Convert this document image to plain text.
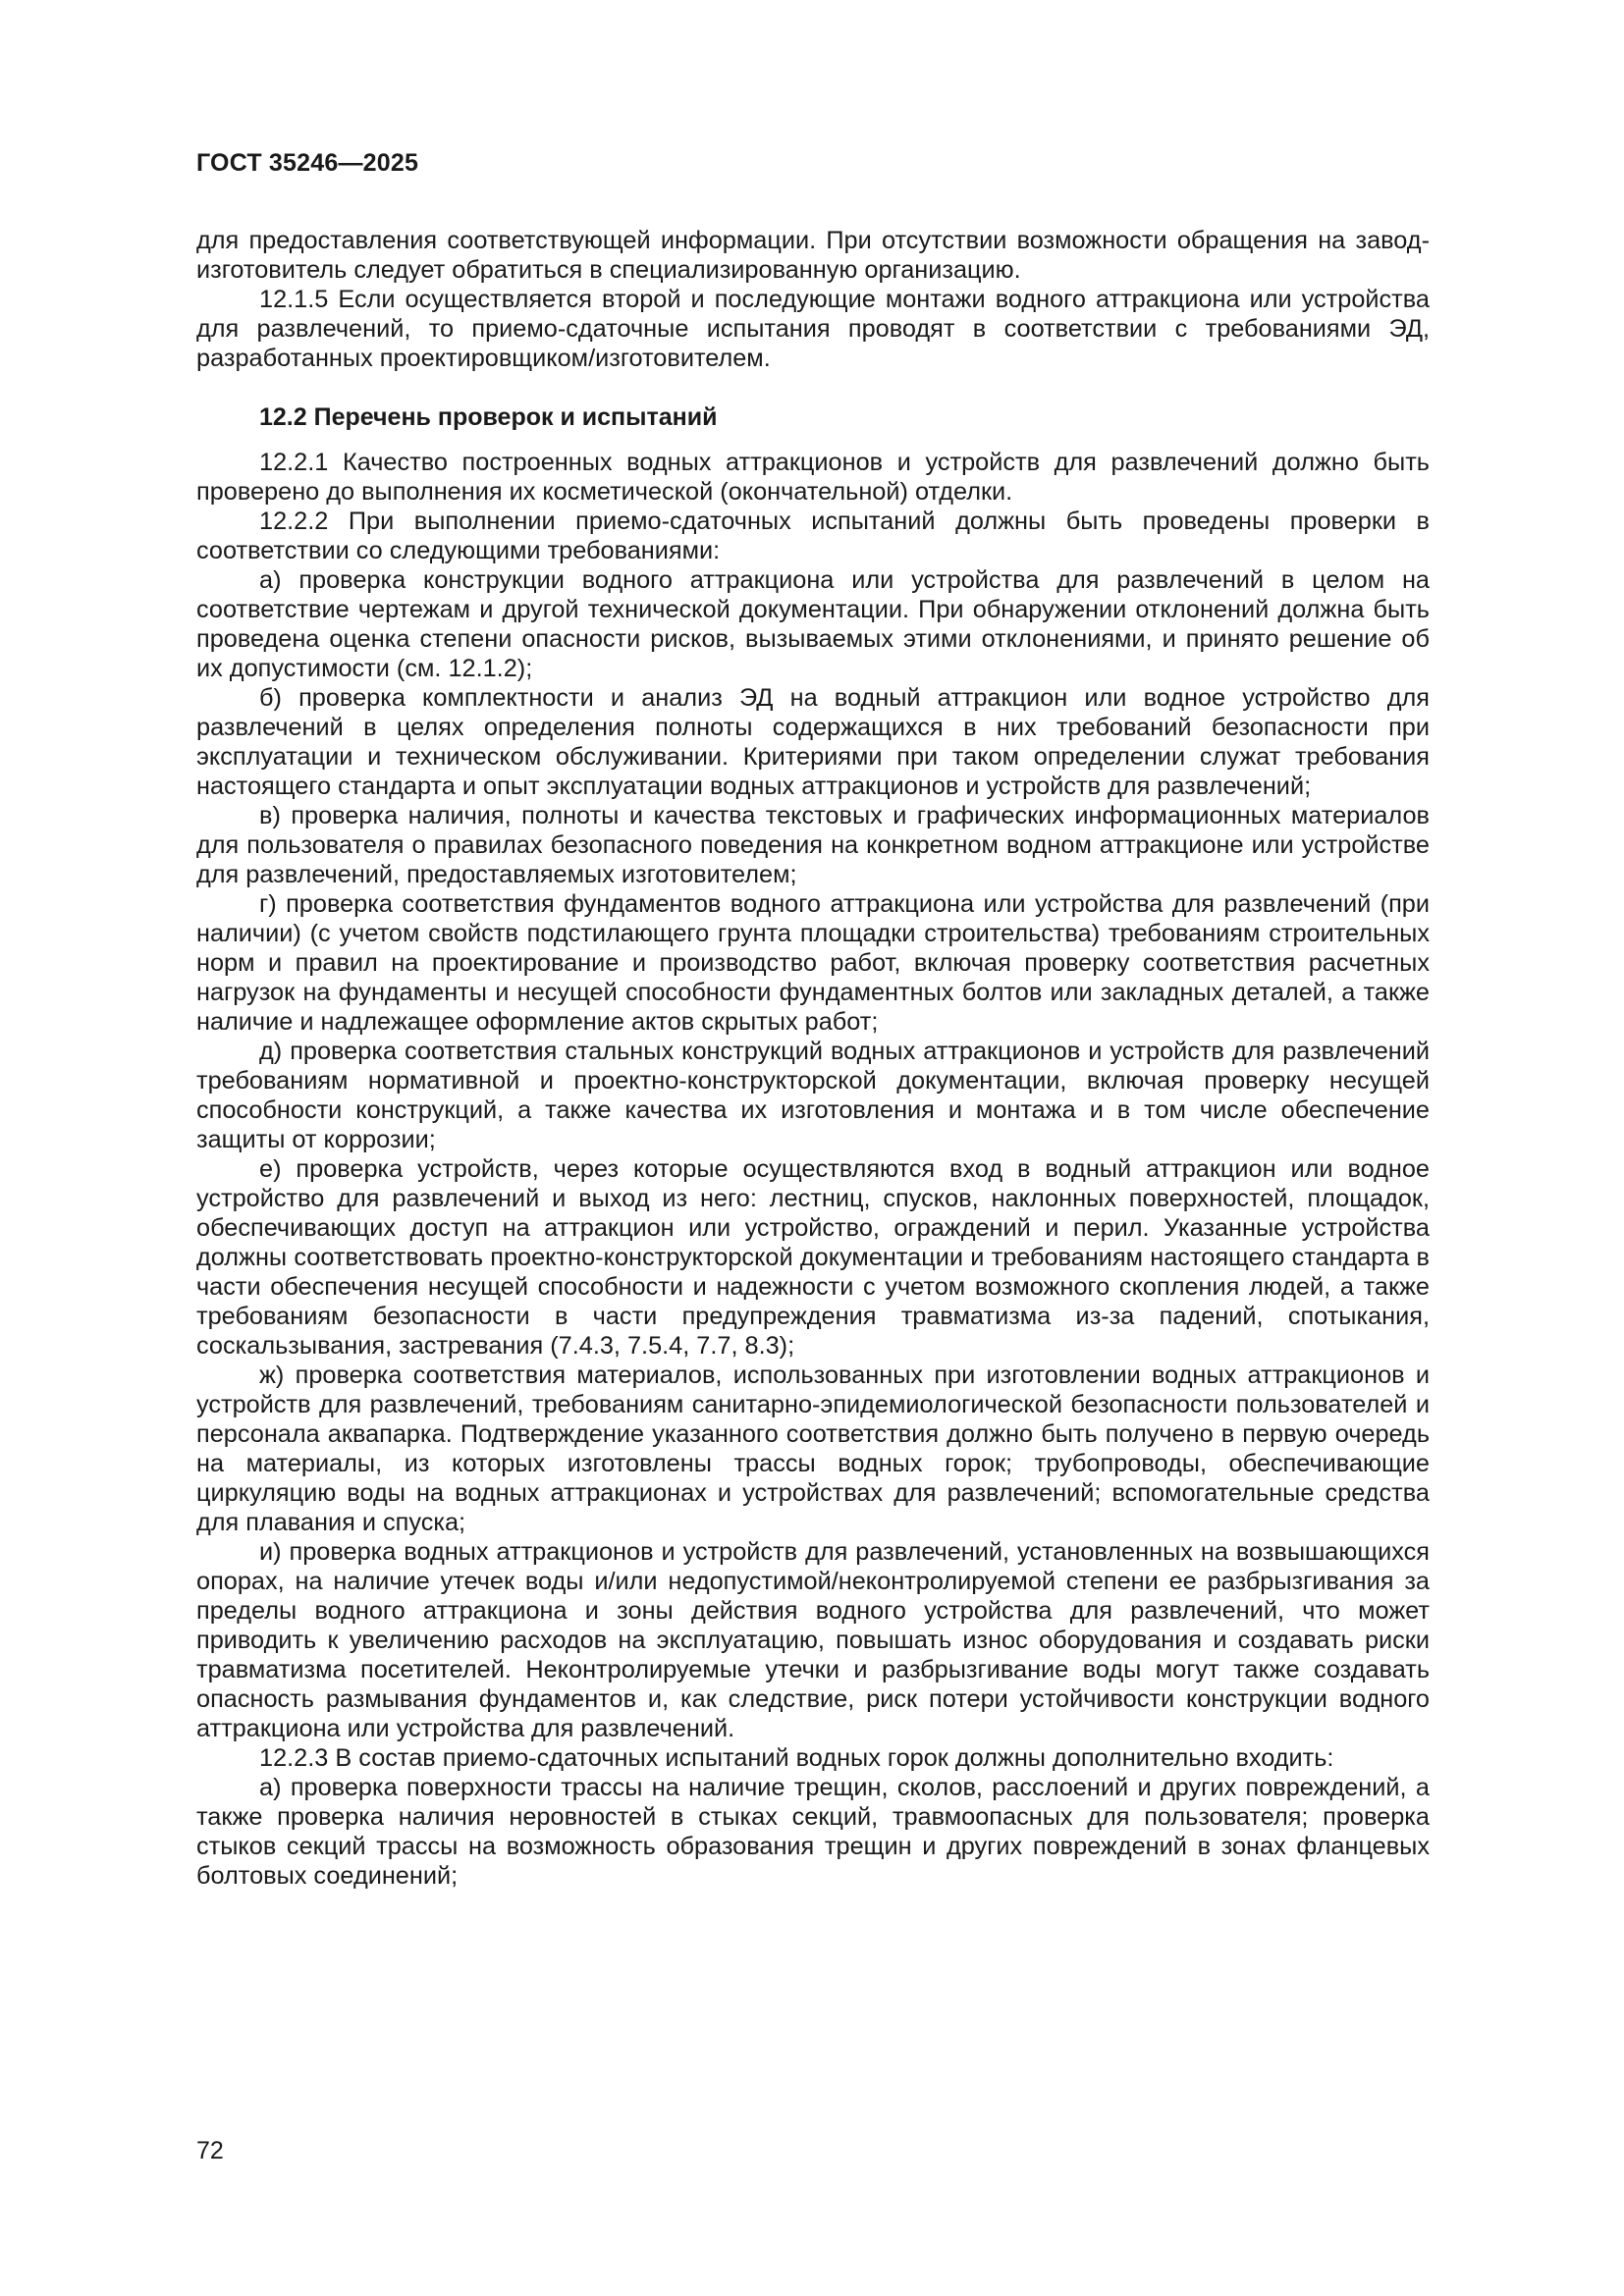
ГОСТ 35246—2025

для предоставления соответствующей информации. При отсутствии возможности обращения на завод-изготовитель следует обратиться в специализированную организацию.

12.1.5 Если осуществляется второй и последующие монтажи водного аттракциона или устройства для развлечений, то приемо-сдаточные испытания проводят в соответствии с требованиями ЭД, разработанных проектировщиком/изготовителем.

12.2 Перечень проверок и испытаний

12.2.1 Качество построенных водных аттракционов и устройств для развлечений должно быть проверено до выполнения их косметической (окончательной) отделки.

12.2.2 При выполнении приемо-сдаточных испытаний должны быть проведены проверки в соответствии со следующими требованиями:

а) проверка конструкции водного аттракциона или устройства для развлечений в целом на соответствие чертежам и другой технической документации. При обнаружении отклонений должна быть проведена оценка степени опасности рисков, вызываемых этими отклонениями, и принято решение об их допустимости (см. 12.1.2);

б) проверка комплектности и анализ ЭД на водный аттракцион или водное устройство для развлечений в целях определения полноты содержащихся в них требований безопасности при эксплуатации и техническом обслуживании. Критериями при таком определении служат требования настоящего стандарта и опыт эксплуатации водных аттракционов и устройств для развлечений;

в) проверка наличия, полноты и качества текстовых и графических информационных материалов для пользователя о правилах безопасного поведения на конкретном водном аттракционе или устройстве для развлечений, предоставляемых изготовителем;

г) проверка соответствия фундаментов водного аттракциона или устройства для развлечений (при наличии) (с учетом свойств подстилающего грунта площадки строительства) требованиям строительных норм и правил на проектирование и производство работ, включая проверку соответствия расчетных нагрузок на фундаменты и несущей способности фундаментных болтов или закладных деталей, а также наличие и надлежащее оформление актов скрытых работ;

д) проверка соответствия стальных конструкций водных аттракционов и устройств для развлечений требованиям нормативной и проектно-конструкторской документации, включая проверку несущей способности конструкций, а также качества их изготовления и монтажа и в том числе обеспечение защиты от коррозии;

е) проверка устройств, через которые осуществляются вход в водный аттракцион или водное устройство для развлечений и выход из него: лестниц, спусков, наклонных поверхностей, площадок, обеспечивающих доступ на аттракцион или устройство, ограждений и перил. Указанные устройства должны соответствовать проектно-конструкторской документации и требованиям настоящего стандарта в части обеспечения несущей способности и надежности с учетом возможного скопления людей, а также требованиям безопасности в части предупреждения травматизма из-за падений, спотыкания, соскальзывания, застревания (7.4.3, 7.5.4, 7.7, 8.3);

ж) проверка соответствия материалов, использованных при изготовлении водных аттракционов и устройств для развлечений, требованиям санитарно-эпидемиологической безопасности пользователей и персонала аквапарка. Подтверждение указанного соответствия должно быть получено в первую очередь на материалы, из которых изготовлены трассы водных горок; трубопроводы, обеспечивающие циркуляцию воды на водных аттракционах и устройствах для развлечений; вспомогательные средства для плавания и спуска;

и) проверка водных аттракционов и устройств для развлечений, установленных на возвышающихся опорах, на наличие утечек воды и/или недопустимой/неконтролируемой степени ее разбрызгивания за пределы водного аттракциона и зоны действия водного устройства для развлечений, что может приводить к увеличению расходов на эксплуатацию, повышать износ оборудования и создавать риски травматизма посетителей. Неконтролируемые утечки и разбрызгивание воды могут также создавать опасность размывания фундаментов и, как следствие, риск потери устойчивости конструкции водного аттракциона или устройства для развлечений.

12.2.3 В состав приемо-сдаточных испытаний водных горок должны дополнительно входить:

а) проверка поверхности трассы на наличие трещин, сколов, расслоений и других повреждений, а также проверка наличия неровностей в стыках секций, травмоопасных для пользователя; проверка стыков секций трассы на возможность образования трещин и других повреждений в зонах фланцевых болтовых соединений;

72
